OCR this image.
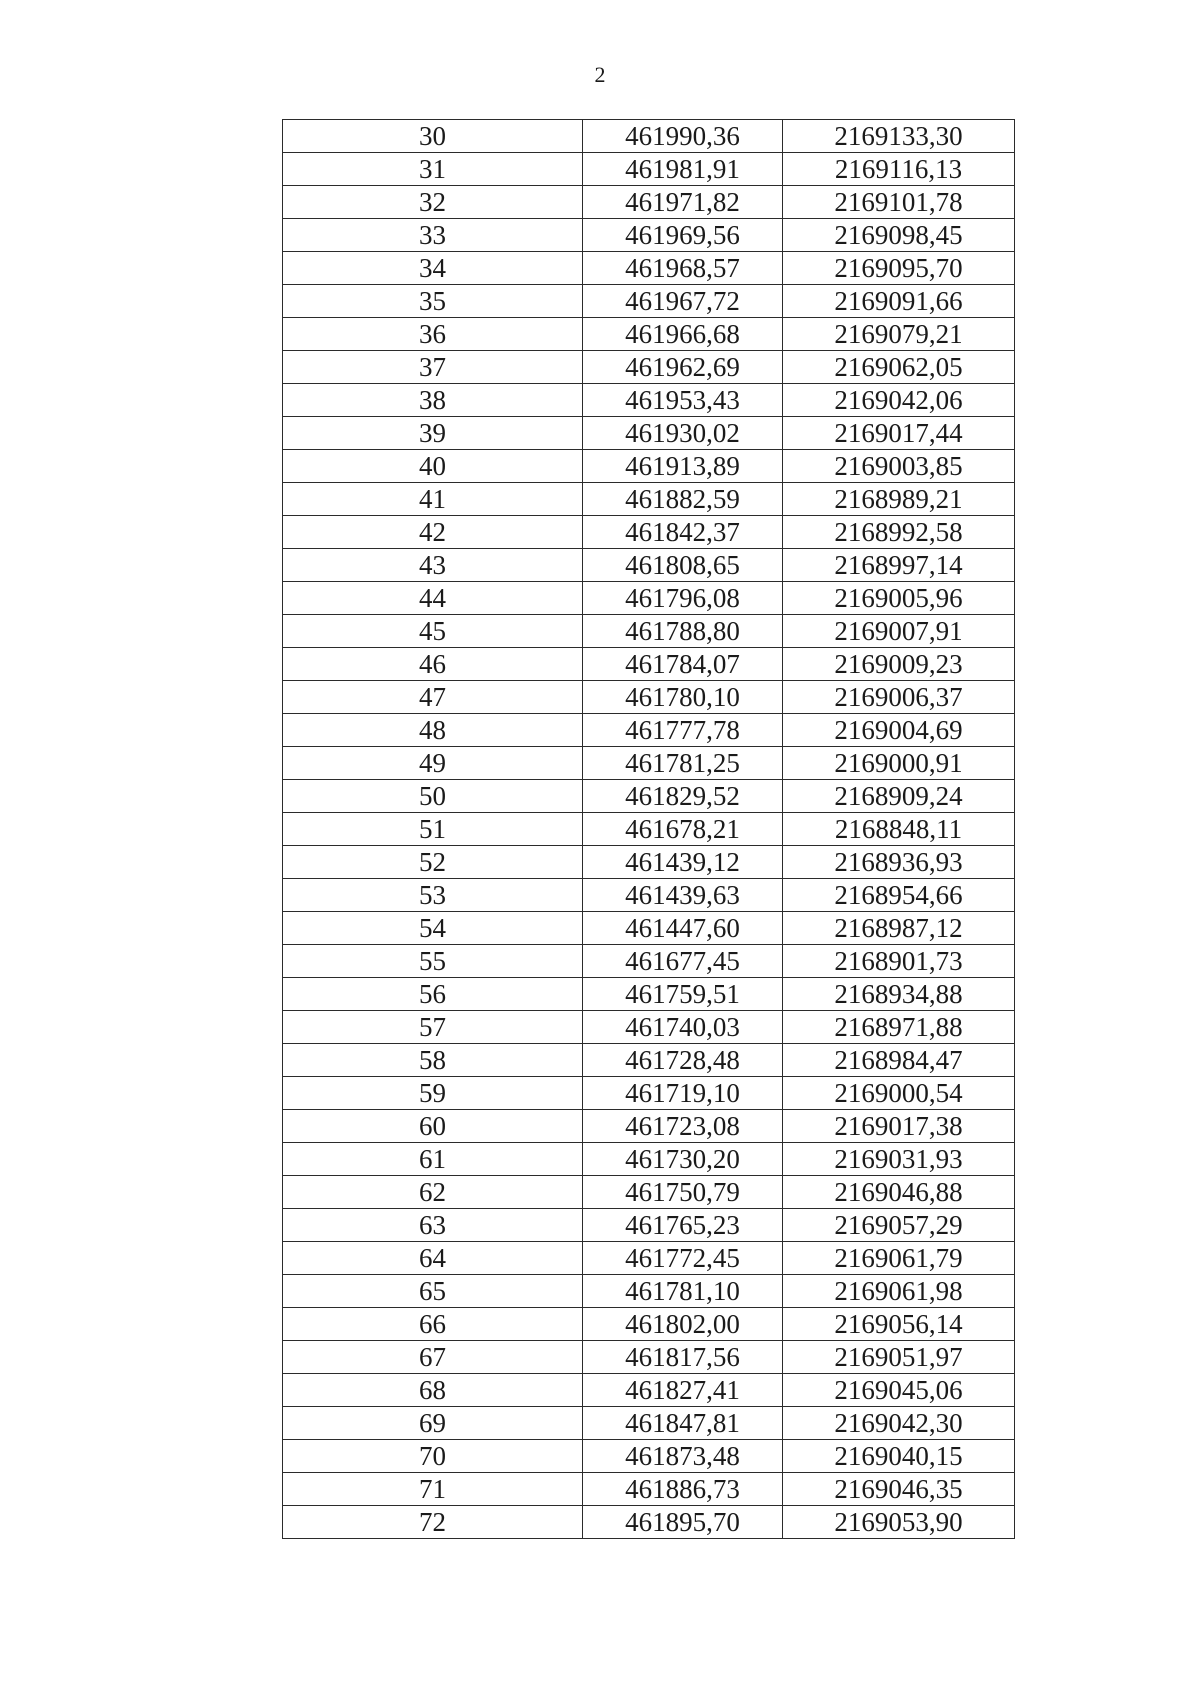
2
30	461990,36	2169133,30
31	461981,91	2169116,13
32	461971,82	2169101,78
33	461969,56	2169098,45
34	461968,57	2169095,70
35	461967,72	2169091,66
36	461966,68	2169079,21
37	461962,69	2169062,05
38	461953,43	2169042,06
39	461930,02	2169017,44
40	461913,89	2169003,85
41	461882,59	2168989,21
42	461842,37	2168992,58
43	461808,65	2168997,14
44	461796,08	2169005,96
45	461788,80	2169007,91
46	461784,07	2169009,23
47	461780,10	2169006,37
48	461777,78	2169004,69
49	461781,25	2169000,91
50	461829,52	2168909,24
51	461678,21	2168848,11
52	461439,12	2168936,93
53	461439,63	2168954,66
54	461447,60	2168987,12
55	461677,45	2168901,73
56	461759,51	2168934,88
57	461740,03	2168971,88
58	461728,48	2168984,47
59	461719,10	2169000,54
60	461723,08	2169017,38
61	461730,20	2169031,93
62	461750,79	2169046,88
63	461765,23	2169057,29
64	461772,45	2169061,79
65	461781,10	2169061,98
66	461802,00	2169056,14
67	461817,56	2169051,97
68	461827,41	2169045,06
69	461847,81	2169042,30
70	461873,48	2169040,15
71	461886,73	2169046,35
72	461895,70	2169053,90
